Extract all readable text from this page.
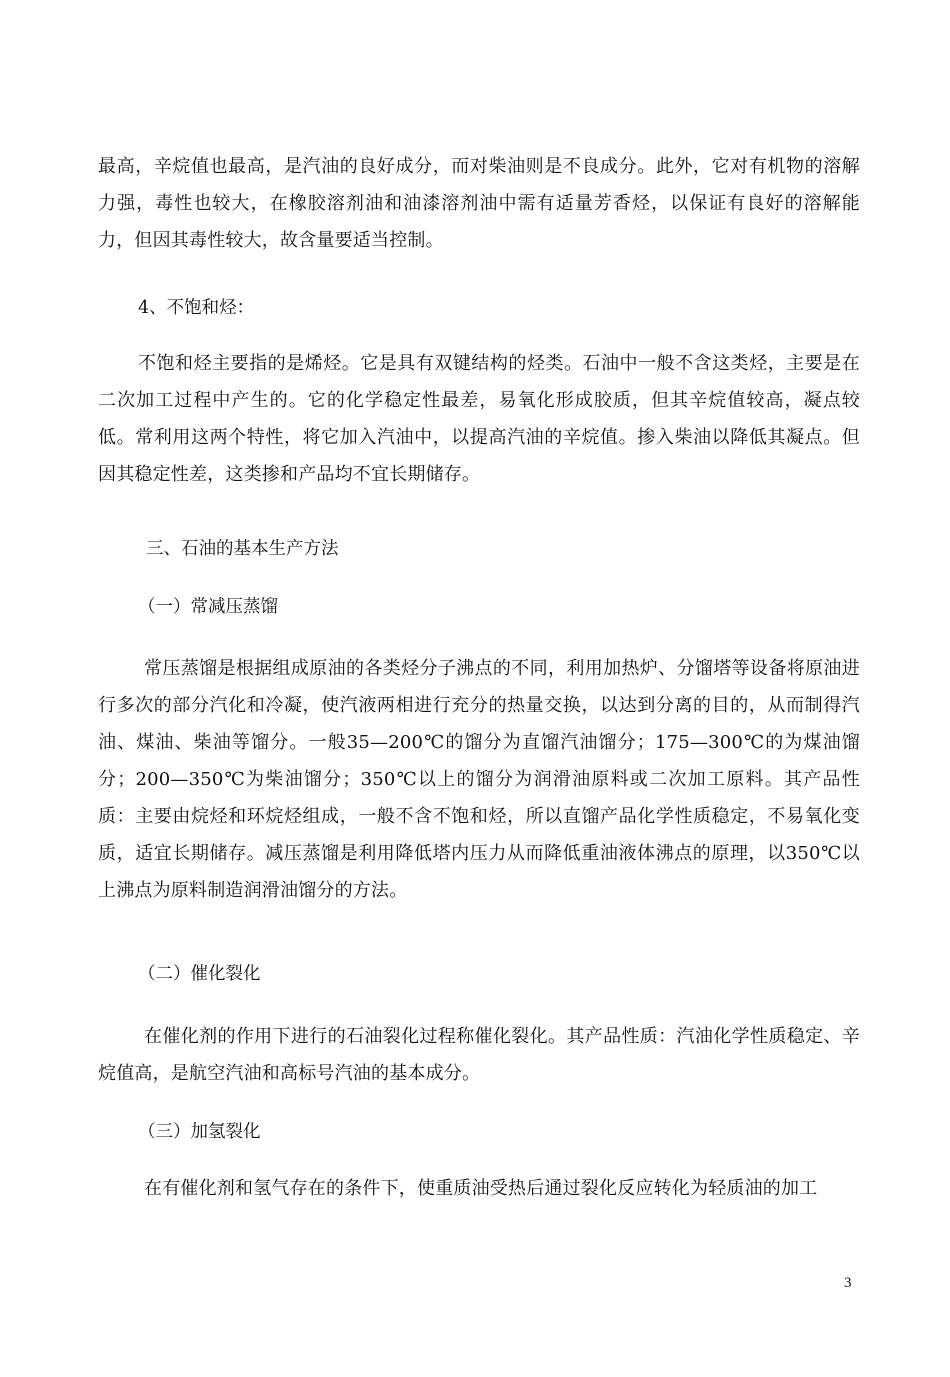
最高，辛烷值也最高，是汽油的良好成分，而对柴油则是不良成分。此外，它对有机物的溶解力强，毒性也较大，在橡胶溶剂油和油漆溶剂油中需有适量芳香烃，以保证有良好的溶解能力，但因其毒性较大，故含量要适当控制。

4、不饱和烃：

不饱和烃主要指的是烯烃。它是具有双键结构的烃类。石油中一般不含这类烃，主要是在二次加工过程中产生的。它的化学稳定性最差，易氧化形成胶质，但其辛烷值较高，凝点较低。常利用这两个特性，将它加入汽油中，以提高汽油的辛烷值。掺入柴油以降低其凝点。但因其稳定性差，这类掺和产品均不宜长期储存。

三、石油的基本生产方法

（一）常减压蒸馏

常压蒸馏是根据组成原油的各类烃分子沸点的不同，利用加热炉、分馏塔等设备将原油进行多次的部分汽化和冷凝，使汽液两相进行充分的热量交换，以达到分离的目的，从而制得汽油、煤油、柴油等馏分。一般35—200℃的馏分为直馏汽油馏分；175—300℃的为煤油馏分；200—350℃为柴油馏分；350℃以上的馏分为润滑油原料或二次加工原料。其产品性质：主要由烷烃和环烷烃组成，一般不含不饱和烃，所以直馏产品化学性质稳定，不易氧化变质，适宜长期储存。减压蒸馏是利用降低塔内压力从而降低重油液体沸点的原理，以350℃以上沸点为原料制造润滑油馏分的方法。

（二）催化裂化

在催化剂的作用下进行的石油裂化过程称催化裂化。其产品性质：汽油化学性质稳定、辛烷值高，是航空汽油和高标号汽油的基本成分。

（三）加氢裂化

在有催化剂和氢气存在的条件下，使重质油受热后通过裂化反应转化为轻质油的加工

3
